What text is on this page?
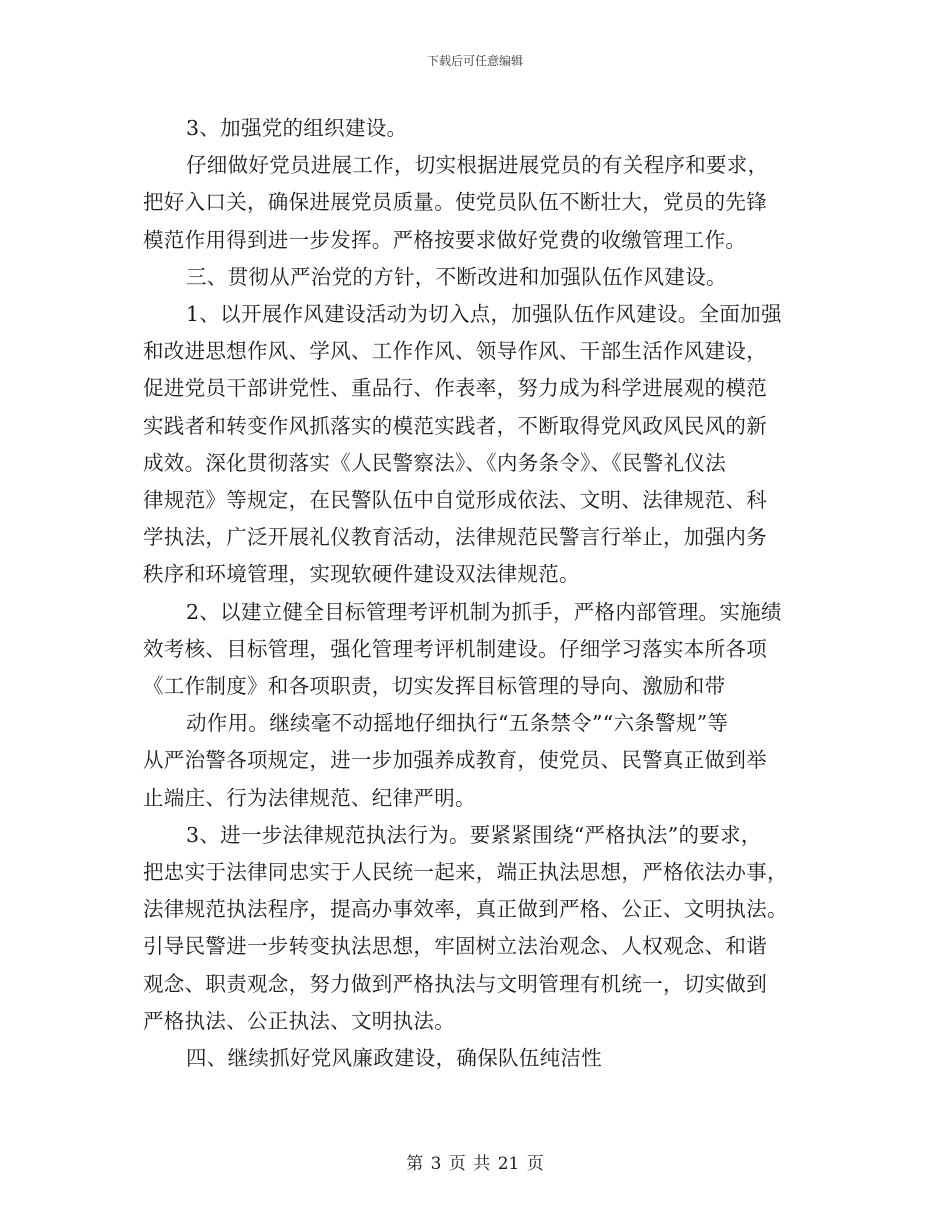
下载后可任意编辑
3、加强党的组织建设。
仔细做好党员进展工作，切实根据进展党员的有关程序和要求，
把好入口关，确保进展党员质量。使党员队伍不断壮大，党员的先锋
模范作用得到进一步发挥。严格按要求做好党费的收缴管理工作。
三、贯彻从严治党的方针，不断改进和加强队伍作风建设。
1、以开展作风建设活动为切入点，加强队伍作风建设。全面加强
和改进思想作风、学风、工作作风、领导作风、干部生活作风建设，
促进党员干部讲党性、重品行、作表率，努力成为科学进展观的模范
实践者和转变作风抓落实的模范实践者，不断取得党风政风民风的新
成效。深化贯彻落实《人民警察法》、《内务条令》、《民警礼仪法
律规范》等规定，在民警队伍中自觉形成依法、文明、法律规范、科
学执法，广泛开展礼仪教育活动，法律规范民警言行举止，加强内务
秩序和环境管理，实现软硬件建设双法律规范。
2、以建立健全目标管理考评机制为抓手，严格内部管理。实施绩
效考核、目标管理，强化管理考评机制建设。仔细学习落实本所各项
《工作制度》和各项职责，切实发挥目标管理的导向、激励和带
动作用。继续毫不动摇地仔细执行“五条禁令”“六条警规”等
从严治警各项规定，进一步加强养成教育，使党员、民警真正做到举
止端庄、行为法律规范、纪律严明。
3、进一步法律规范执法行为。要紧紧围绕“严格执法”的要求，
把忠实于法律同忠实于人民统一起来，端正执法思想，严格依法办事，
法律规范执法程序，提高办事效率，真正做到严格、公正、文明执法。
引导民警进一步转变执法思想，牢固树立法治观念、人权观念、和谐
观念、职责观念，努力做到严格执法与文明管理有机统一，切实做到
严格执法、公正执法、文明执法。
四、继续抓好党风廉政建设，确保队伍纯洁性
第 3 页 共 21 页
